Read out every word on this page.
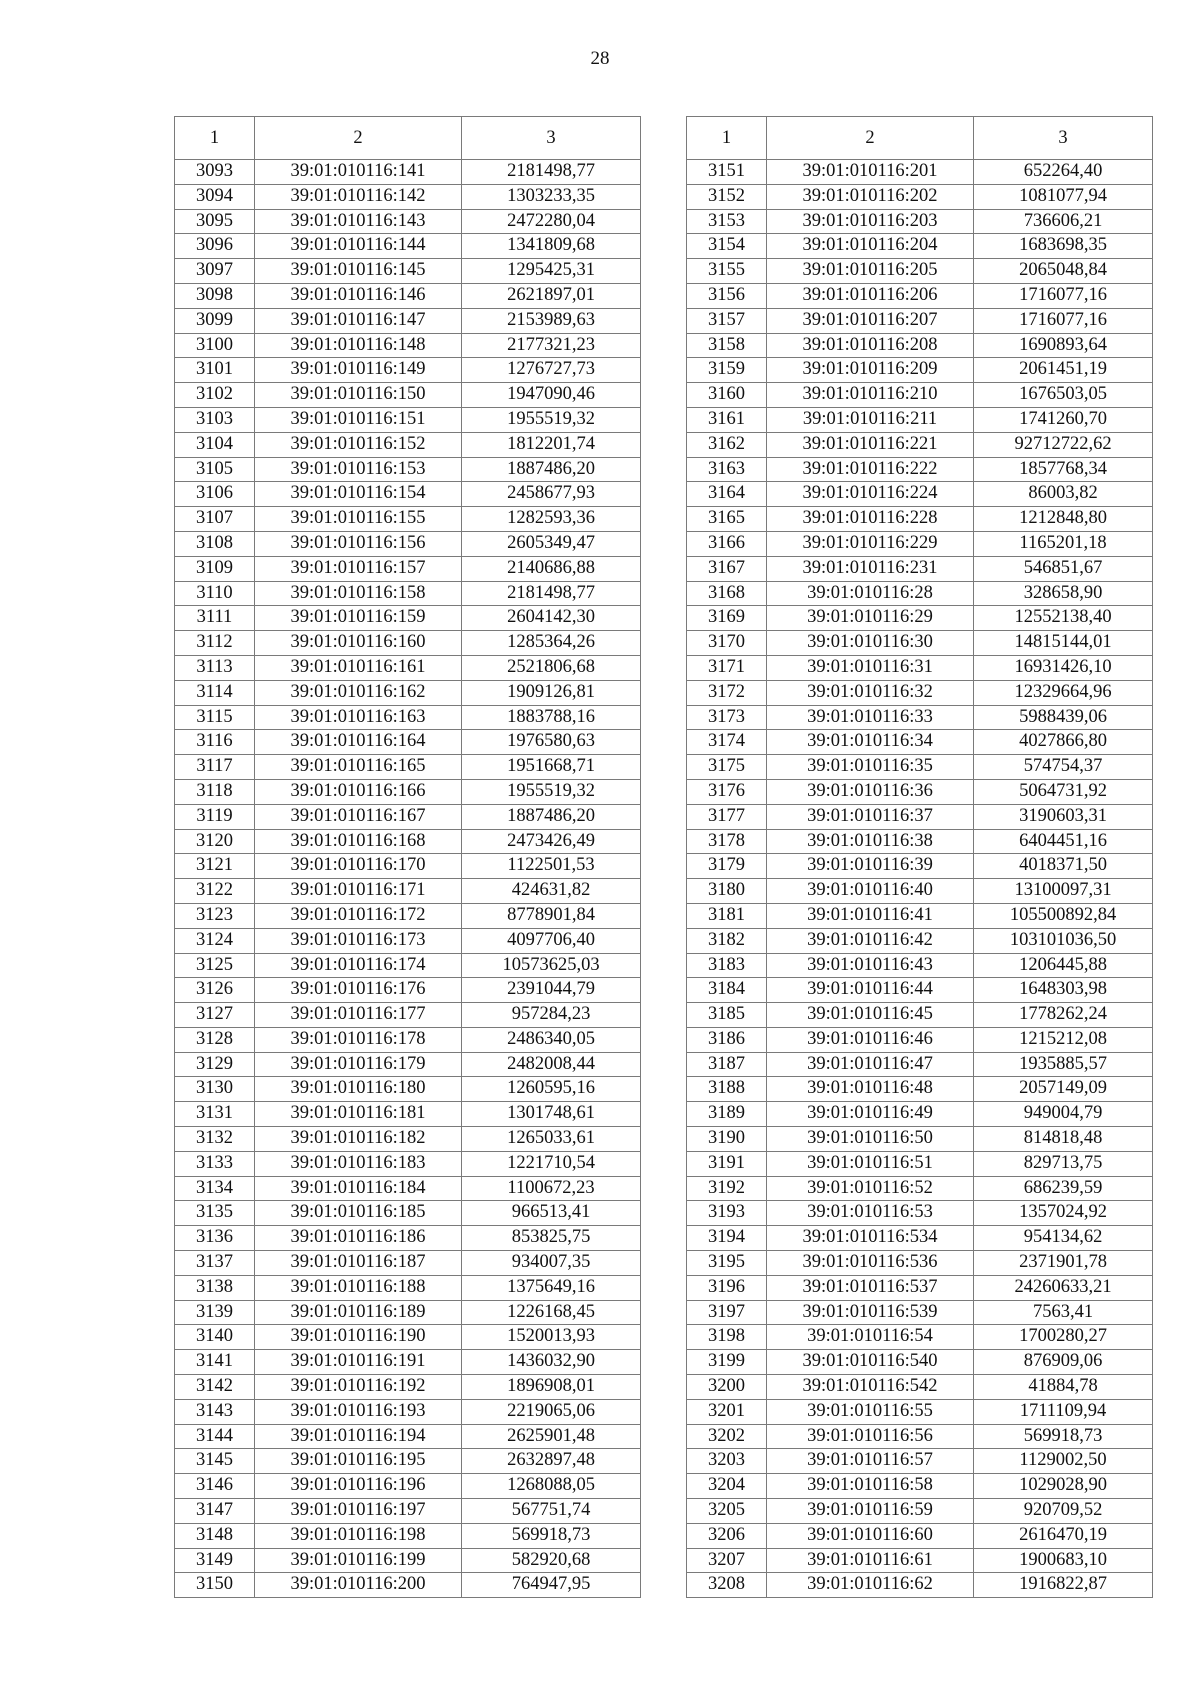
28
1	2	3
3093	39:01:010116:141	2181498,77
3094	39:01:010116:142	1303233,35
3095	39:01:010116:143	2472280,04
3096	39:01:010116:144	1341809,68
3097	39:01:010116:145	1295425,31
3098	39:01:010116:146	2621897,01
3099	39:01:010116:147	2153989,63
3100	39:01:010116:148	2177321,23
3101	39:01:010116:149	1276727,73
3102	39:01:010116:150	1947090,46
3103	39:01:010116:151	1955519,32
3104	39:01:010116:152	1812201,74
3105	39:01:010116:153	1887486,20
3106	39:01:010116:154	2458677,93
3107	39:01:010116:155	1282593,36
3108	39:01:010116:156	2605349,47
3109	39:01:010116:157	2140686,88
3110	39:01:010116:158	2181498,77
3111	39:01:010116:159	2604142,30
3112	39:01:010116:160	1285364,26
3113	39:01:010116:161	2521806,68
3114	39:01:010116:162	1909126,81
3115	39:01:010116:163	1883788,16
3116	39:01:010116:164	1976580,63
3117	39:01:010116:165	1951668,71
3118	39:01:010116:166	1955519,32
3119	39:01:010116:167	1887486,20
3120	39:01:010116:168	2473426,49
3121	39:01:010116:170	1122501,53
3122	39:01:010116:171	424631,82
3123	39:01:010116:172	8778901,84
3124	39:01:010116:173	4097706,40
3125	39:01:010116:174	10573625,03
3126	39:01:010116:176	2391044,79
3127	39:01:010116:177	957284,23
3128	39:01:010116:178	2486340,05
3129	39:01:010116:179	2482008,44
3130	39:01:010116:180	1260595,16
3131	39:01:010116:181	1301748,61
3132	39:01:010116:182	1265033,61
3133	39:01:010116:183	1221710,54
3134	39:01:010116:184	1100672,23
3135	39:01:010116:185	966513,41
3136	39:01:010116:186	853825,75
3137	39:01:010116:187	934007,35
3138	39:01:010116:188	1375649,16
3139	39:01:010116:189	1226168,45
3140	39:01:010116:190	1520013,93
3141	39:01:010116:191	1436032,90
3142	39:01:010116:192	1896908,01
3143	39:01:010116:193	2219065,06
3144	39:01:010116:194	2625901,48
3145	39:01:010116:195	2632897,48
3146	39:01:010116:196	1268088,05
3147	39:01:010116:197	567751,74
3148	39:01:010116:198	569918,73
3149	39:01:010116:199	582920,68
3150	39:01:010116:200	764947,95
1	2	3
3151	39:01:010116:201	652264,40
3152	39:01:010116:202	1081077,94
3153	39:01:010116:203	736606,21
3154	39:01:010116:204	1683698,35
3155	39:01:010116:205	2065048,84
3156	39:01:010116:206	1716077,16
3157	39:01:010116:207	1716077,16
3158	39:01:010116:208	1690893,64
3159	39:01:010116:209	2061451,19
3160	39:01:010116:210	1676503,05
3161	39:01:010116:211	1741260,70
3162	39:01:010116:221	92712722,62
3163	39:01:010116:222	1857768,34
3164	39:01:010116:224	86003,82
3165	39:01:010116:228	1212848,80
3166	39:01:010116:229	1165201,18
3167	39:01:010116:231	546851,67
3168	39:01:010116:28	328658,90
3169	39:01:010116:29	12552138,40
3170	39:01:010116:30	14815144,01
3171	39:01:010116:31	16931426,10
3172	39:01:010116:32	12329664,96
3173	39:01:010116:33	5988439,06
3174	39:01:010116:34	4027866,80
3175	39:01:010116:35	574754,37
3176	39:01:010116:36	5064731,92
3177	39:01:010116:37	3190603,31
3178	39:01:010116:38	6404451,16
3179	39:01:010116:39	4018371,50
3180	39:01:010116:40	13100097,31
3181	39:01:010116:41	105500892,84
3182	39:01:010116:42	103101036,50
3183	39:01:010116:43	1206445,88
3184	39:01:010116:44	1648303,98
3185	39:01:010116:45	1778262,24
3186	39:01:010116:46	1215212,08
3187	39:01:010116:47	1935885,57
3188	39:01:010116:48	2057149,09
3189	39:01:010116:49	949004,79
3190	39:01:010116:50	814818,48
3191	39:01:010116:51	829713,75
3192	39:01:010116:52	686239,59
3193	39:01:010116:53	1357024,92
3194	39:01:010116:534	954134,62
3195	39:01:010116:536	2371901,78
3196	39:01:010116:537	24260633,21
3197	39:01:010116:539	7563,41
3198	39:01:010116:54	1700280,27
3199	39:01:010116:540	876909,06
3200	39:01:010116:542	41884,78
3201	39:01:010116:55	1711109,94
3202	39:01:010116:56	569918,73
3203	39:01:010116:57	1129002,50
3204	39:01:010116:58	1029028,90
3205	39:01:010116:59	920709,52
3206	39:01:010116:60	2616470,19
3207	39:01:010116:61	1900683,10
3208	39:01:010116:62	1916822,87
